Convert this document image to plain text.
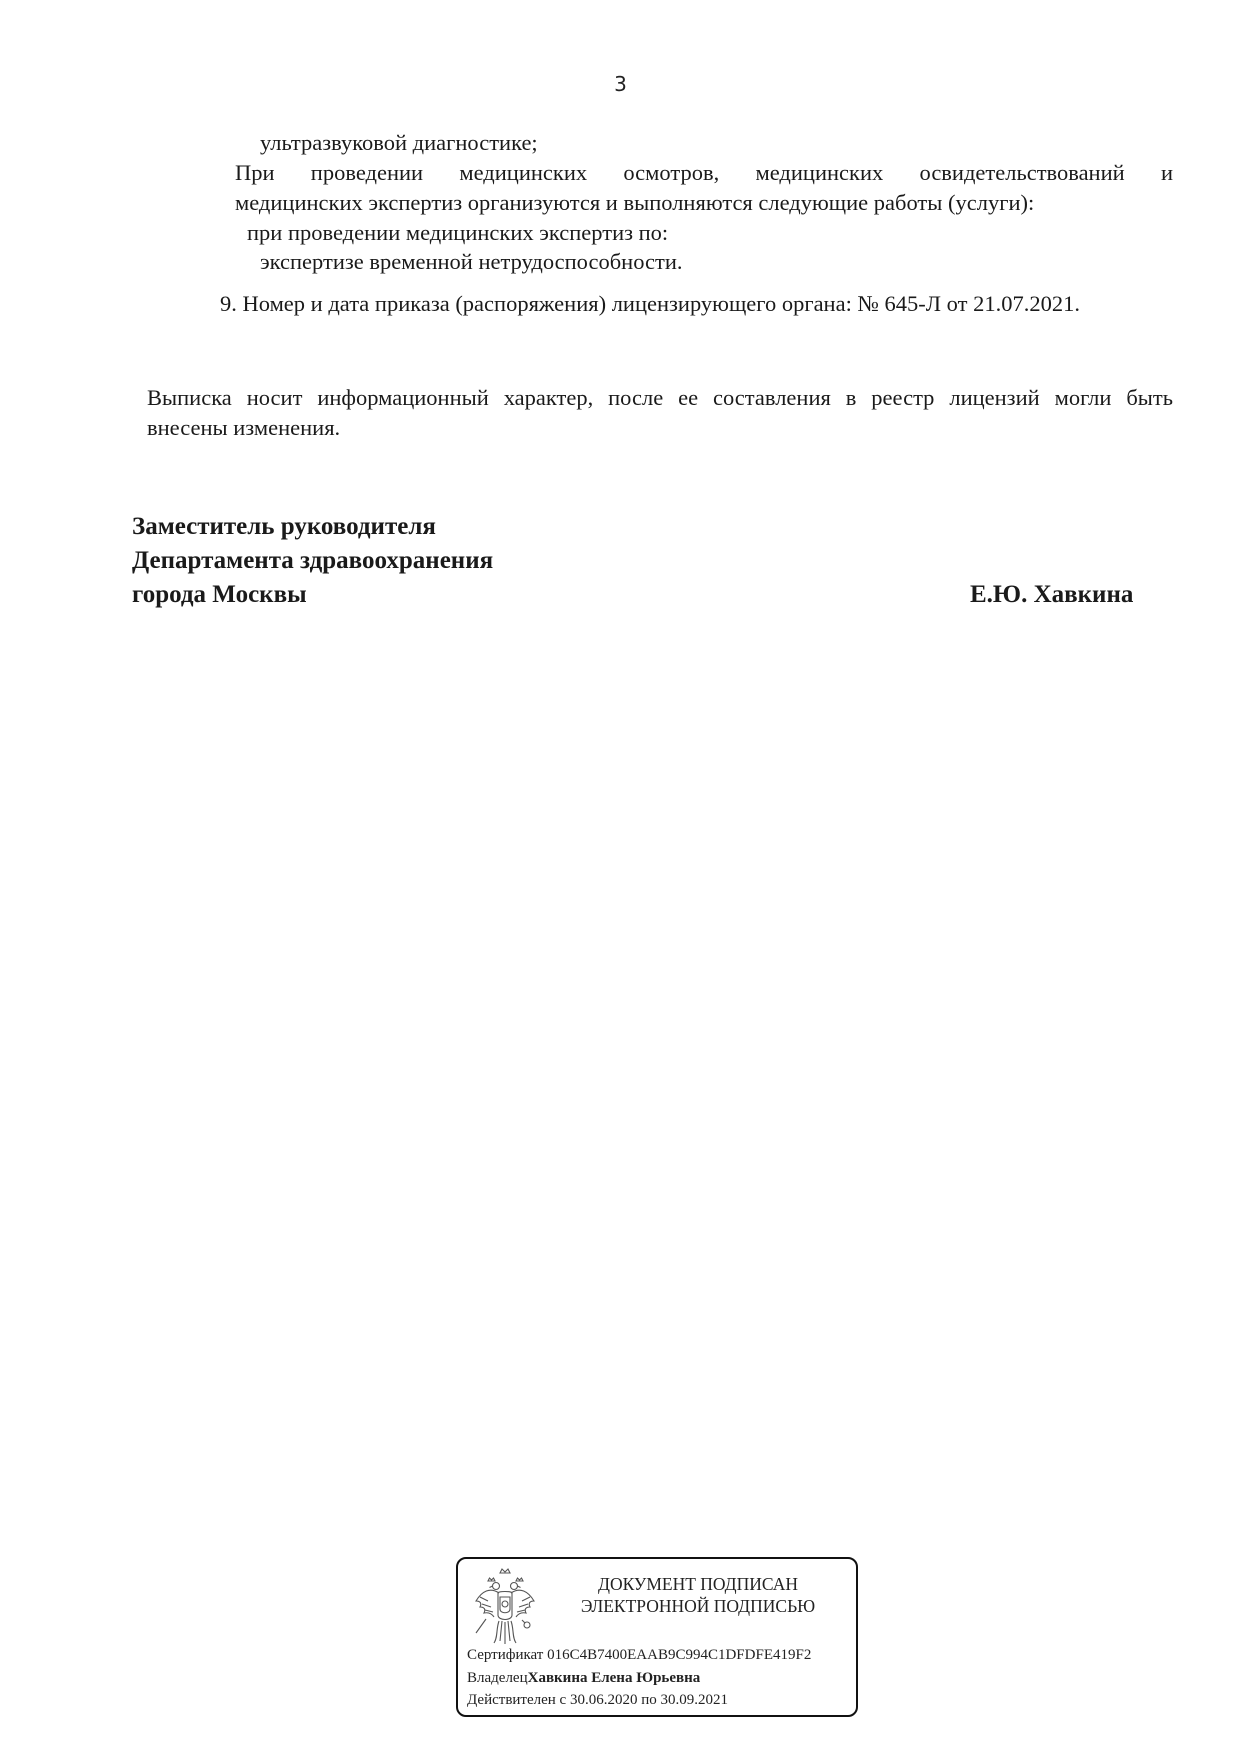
3
ультразвуковой диагностике;
При проведении медицинских осмотров, медицинских освидетельствований и
медицинских экспертиз организуются и выполняются следующие работы (услуги):
при проведении медицинских экспертиз по:
экспертизе временной нетрудоспособности.
9. Номер и дата приказа (распоряжения) лицензирующего органа: № 645-Л от 21.07.2021.
Выписка носит информационный характер, после ее составления в реестр лицензий могли быть
внесены изменения.
Заместитель руководителя
Департамента здравоохранения
города Москвы	Е.Ю. Хавкина
ДОКУМЕНТ ПОДПИСАН
ЭЛЕКТРОННОЙ ПОДПИСЬЮ
Сертификат 016C4B7400EAAB9C994C1DFDFE419F2
ВладелецХавкина Елена Юрьевна
Действителен с 30.06.2020 по 30.09.2021
